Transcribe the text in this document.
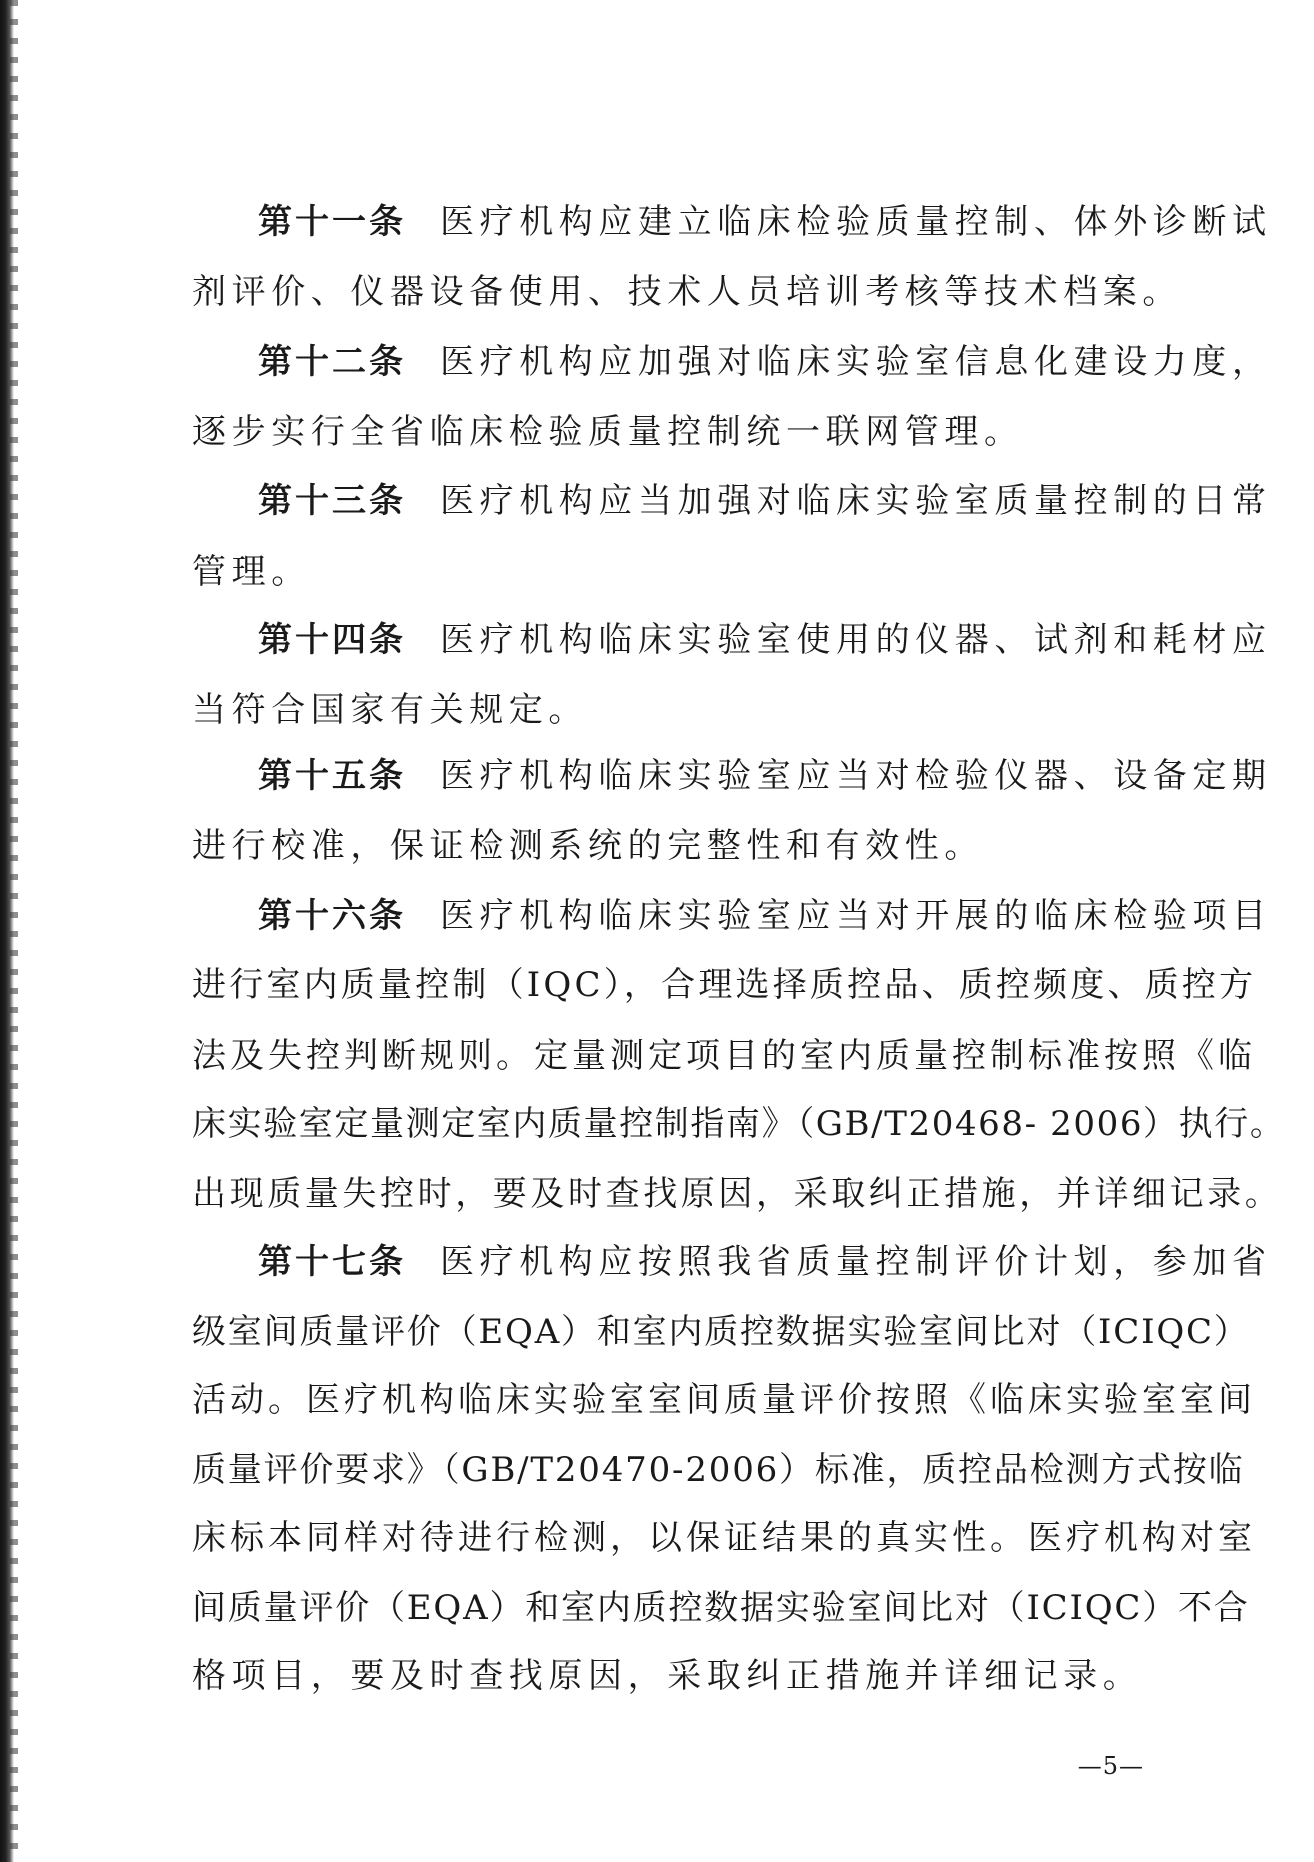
第十一条 医疗机构应建立临床检验质量控制、体外诊断试
剂评价、仪器设备使用、技术人员培训考核等技术档案。
第十二条 医疗机构应加强对临床实验室信息化建设力度，
逐步实行全省临床检验质量控制统一联网管理。
第十三条 医疗机构应当加强对临床实验室质量控制的日常
管理。
第十四条 医疗机构临床实验室使用的仪器、试剂和耗材应
当符合国家有关规定。
第十五条 医疗机构临床实验室应当对检验仪器、设备定期
进行校准，保证检测系统的完整性和有效性。
第十六条 医疗机构临床实验室应当对开展的临床检验项目
进行室内质量控制（IQC），合理选择质控品、质控频度、质控方
法及失控判断规则。定量测定项目的室内质量控制标准按照《临
床实验室定量测定室内质量控制指南》（GB/T20468- 2006）执行。
出现质量失控时，要及时查找原因，采取纠正措施，并详细记录。
第十七条 医疗机构应按照我省质量控制评价计划，参加省
级室间质量评价（EQA）和室内质控数据实验室间比对（ICIQC）
活动。医疗机构临床实验室室间质量评价按照《临床实验室室间
质量评价要求》（GB/T20470-2006）标准，质控品检测方式按临
床标本同样对待进行检测，以保证结果的真实性。医疗机构对室
间质量评价（EQA）和室内质控数据实验室间比对（ICIQC）不合
格项目，要及时查找原因，采取纠正措施并详细记录。
—5—
